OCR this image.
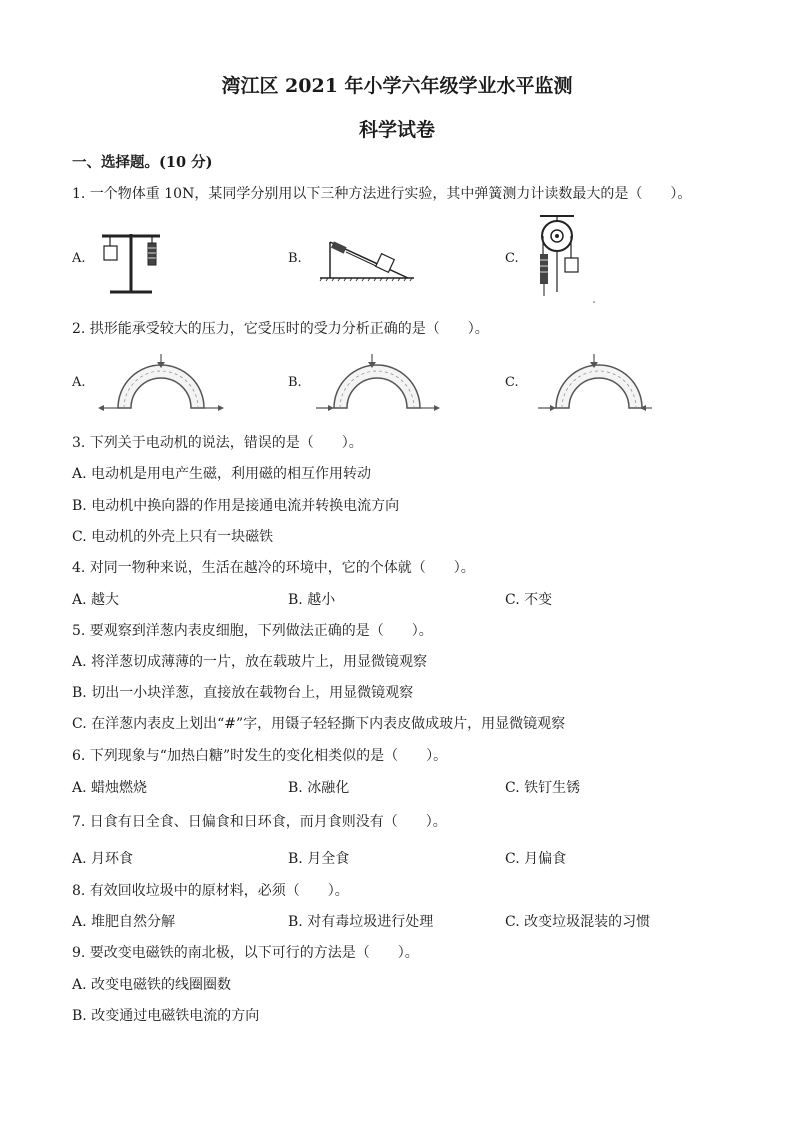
湾江区 2021 年小学六年级学业水平监测
科学试卷
一、选择题。(10 分)
1. 一个物体重 10N，某同学分别用以下三种方法进行实验，其中弹簧测力计读数最大的是（　　）。
A.	B.	C.
2. 拱形能承受较大的压力，它受压时的受力分析正确的是（　　）。
A.	B.	C.
3. 下列关于电动机的说法，错误的是（　　）。
A. 电动机是用电产生磁，利用磁的相互作用转动
B. 电动机中换向器的作用是接通电流并转换电流方向
C. 电动机的外壳上只有一块磁铁
4. 对同一物种来说，生活在越冷的环境中，它的个体就（　　）。
A. 越大	B. 越小	C. 不变
5. 要观察到洋葱内表皮细胞，下列做法正确的是（　　）。
A. 将洋葱切成薄薄的一片，放在载玻片上，用显微镜观察
B. 切出一小块洋葱，直接放在载物台上，用显微镜观察
C. 在洋葱内表皮上划出“#”字，用镊子轻轻撕下内表皮做成玻片，用显微镜观察
6. 下列现象与“加热白糖”时发生的变化相类似的是（　　）。
A. 蜡烛燃烧	B. 冰融化	C. 铁钉生锈
7. 日食有日全食、日偏食和日环食，而月食则没有（　　）。
A. 月环食	B. 月全食	C. 月偏食
8. 有效回收垃圾中的原材料，必须（　　）。
A. 堆肥自然分解	B. 对有毒垃圾进行处理	C. 改变垃圾混装的习惯
9. 要改变电磁铁的南北极，以下可行的方法是（　　）。
A. 改变电磁铁的线圈圈数
B. 改变通过电磁铁电流的方向
